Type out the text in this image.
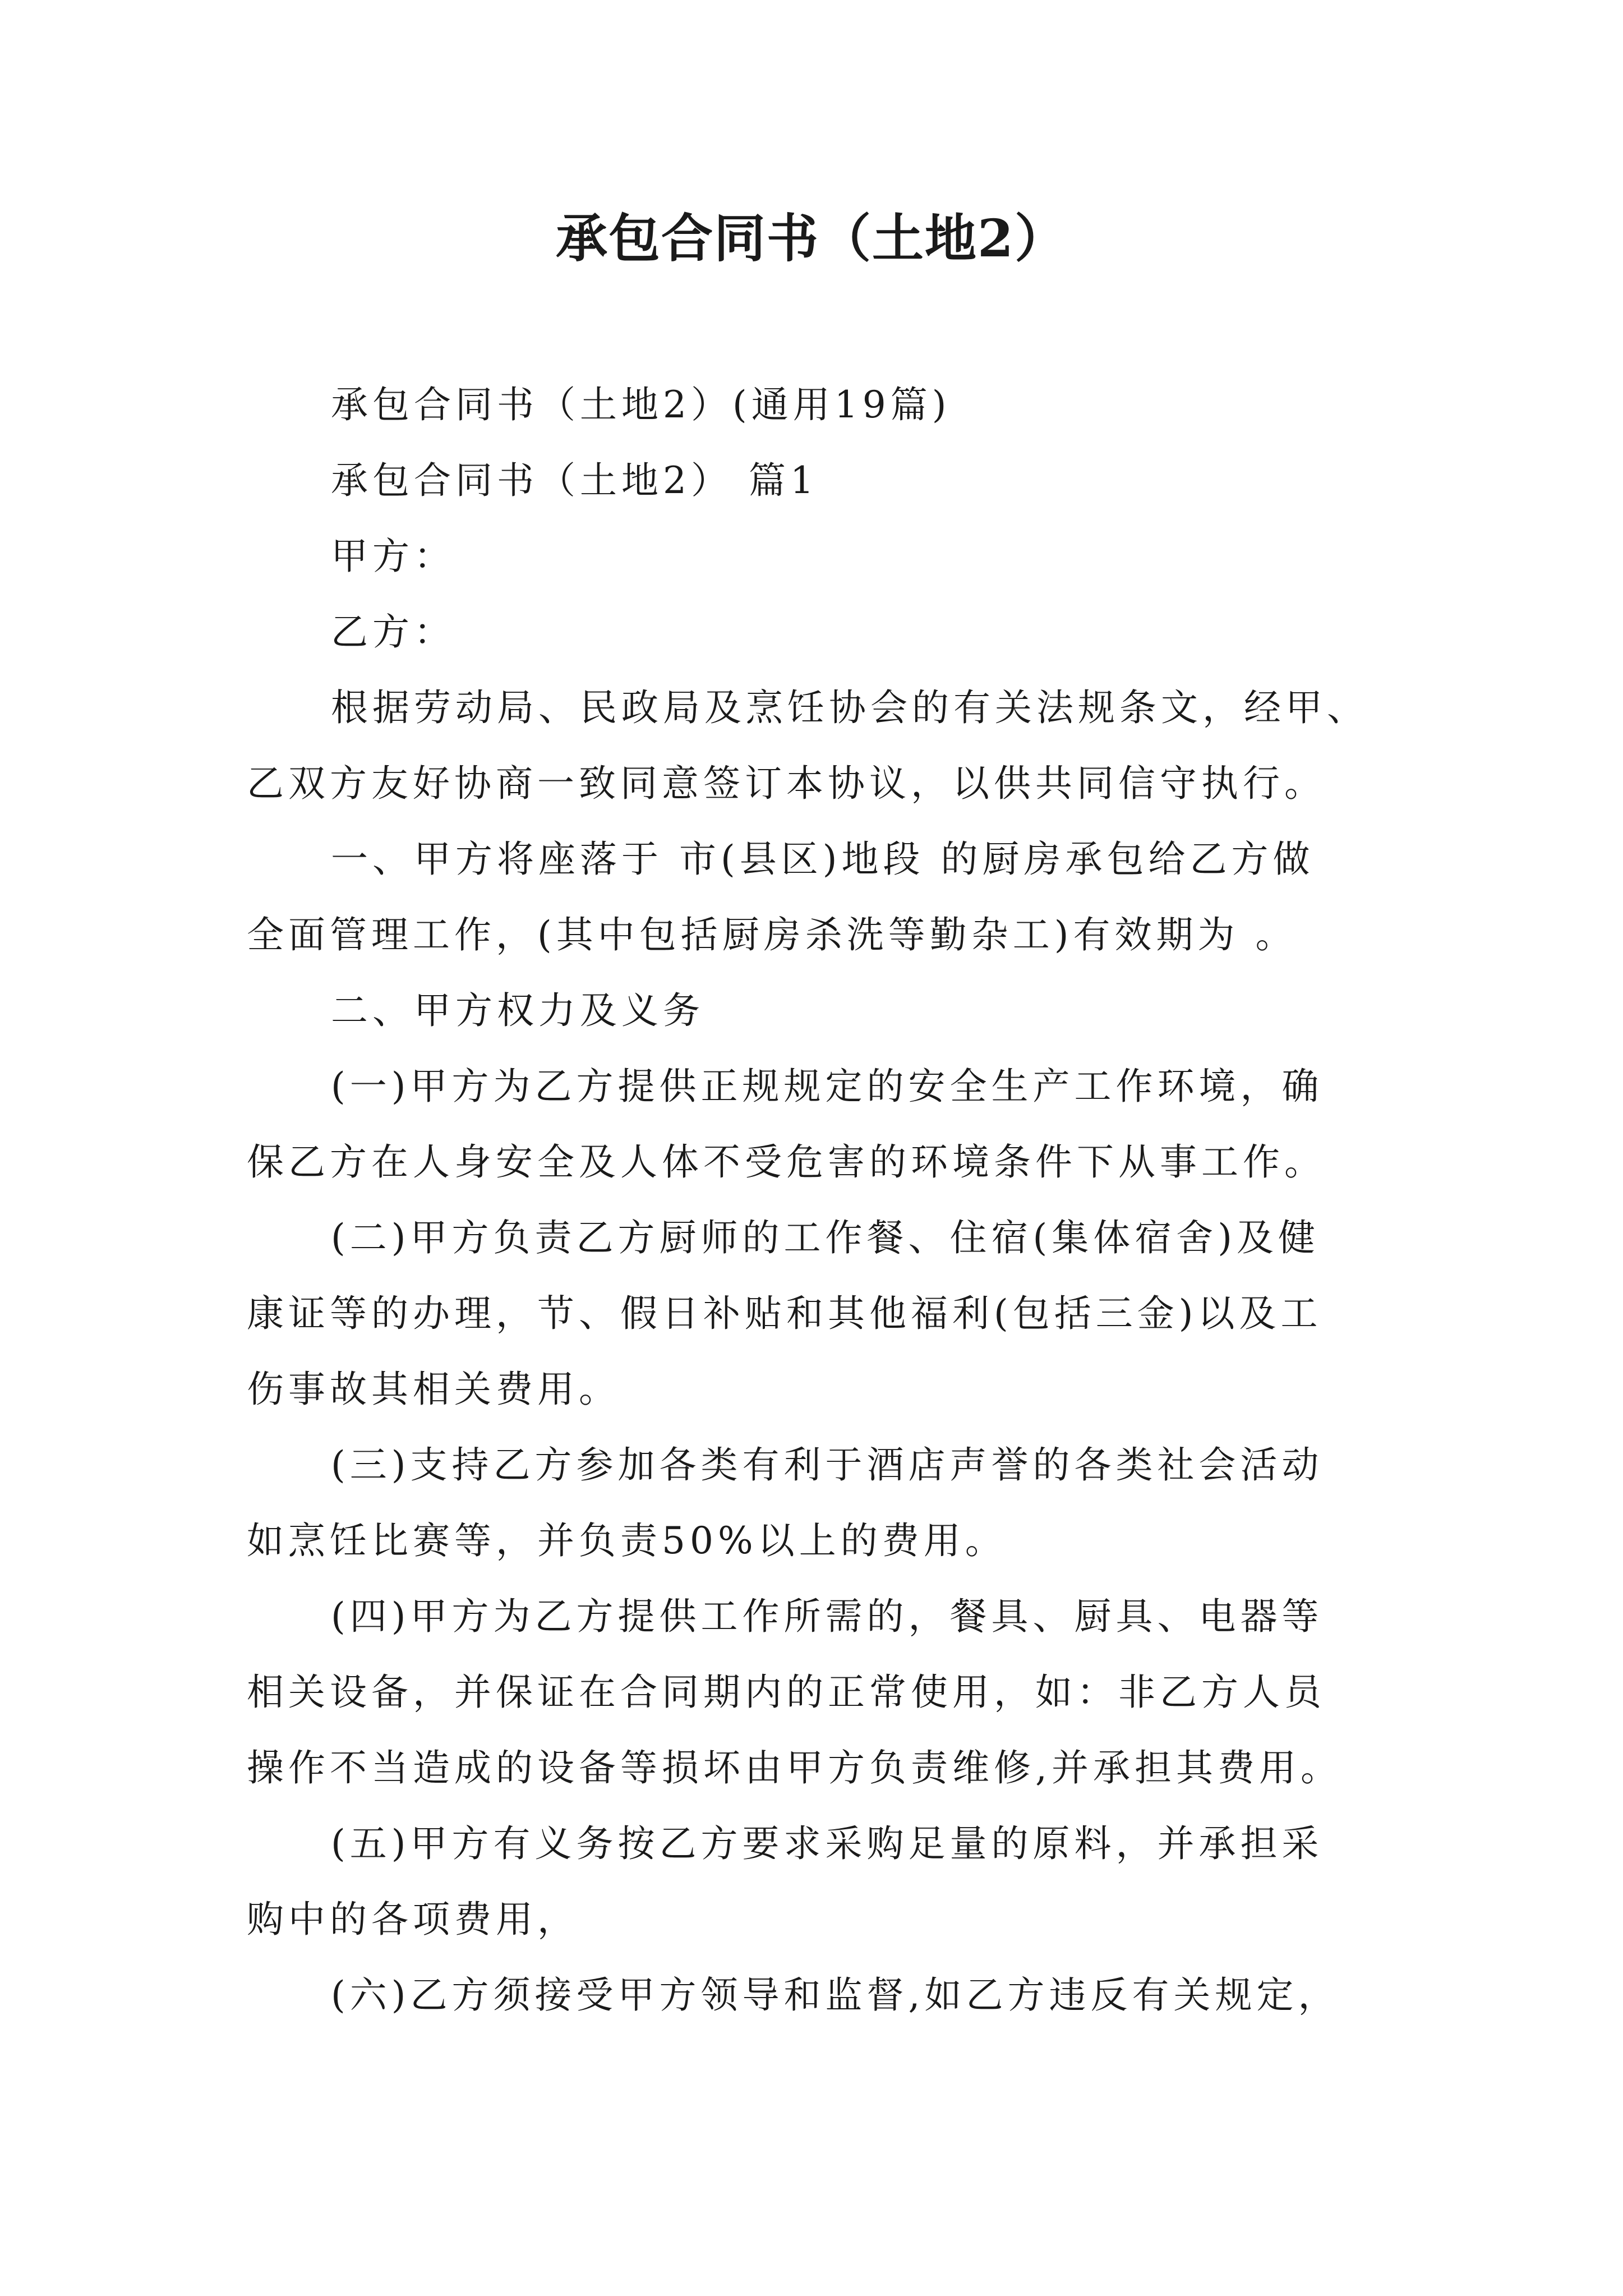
承包合同书（土地2）
承包合同书（土地2）(通用19篇)
承包合同书（土地2） 篇1
甲方：
乙方：
根据劳动局、民政局及烹饪协会的有关法规条文，经甲、
乙双方友好协商一致同意签订本协议，以供共同信守执行。
一、甲方将座落于 市(县区)地段 的厨房承包给乙方做
全面管理工作，(其中包括厨房杀洗等勤杂工)有效期为 。
二、甲方权力及义务
(一)甲方为乙方提供正规规定的安全生产工作环境，确
保乙方在人身安全及人体不受危害的环境条件下从事工作。
(二)甲方负责乙方厨师的工作餐、住宿(集体宿舍)及健
康证等的办理，节、假日补贴和其他福利(包括三金)以及工
伤事故其相关费用。
(三)支持乙方参加各类有利于酒店声誉的各类社会活动
如烹饪比赛等，并负责50%以上的费用。
(四)甲方为乙方提供工作所需的，餐具、厨具、电器等
相关设备，并保证在合同期内的正常使用，如：非乙方人员
操作不当造成的设备等损坏由甲方负责维修,并承担其费用。
(五)甲方有义务按乙方要求采购足量的原料，并承担采
购中的各项费用，
(六)乙方须接受甲方领导和监督,如乙方违反有关规定，
